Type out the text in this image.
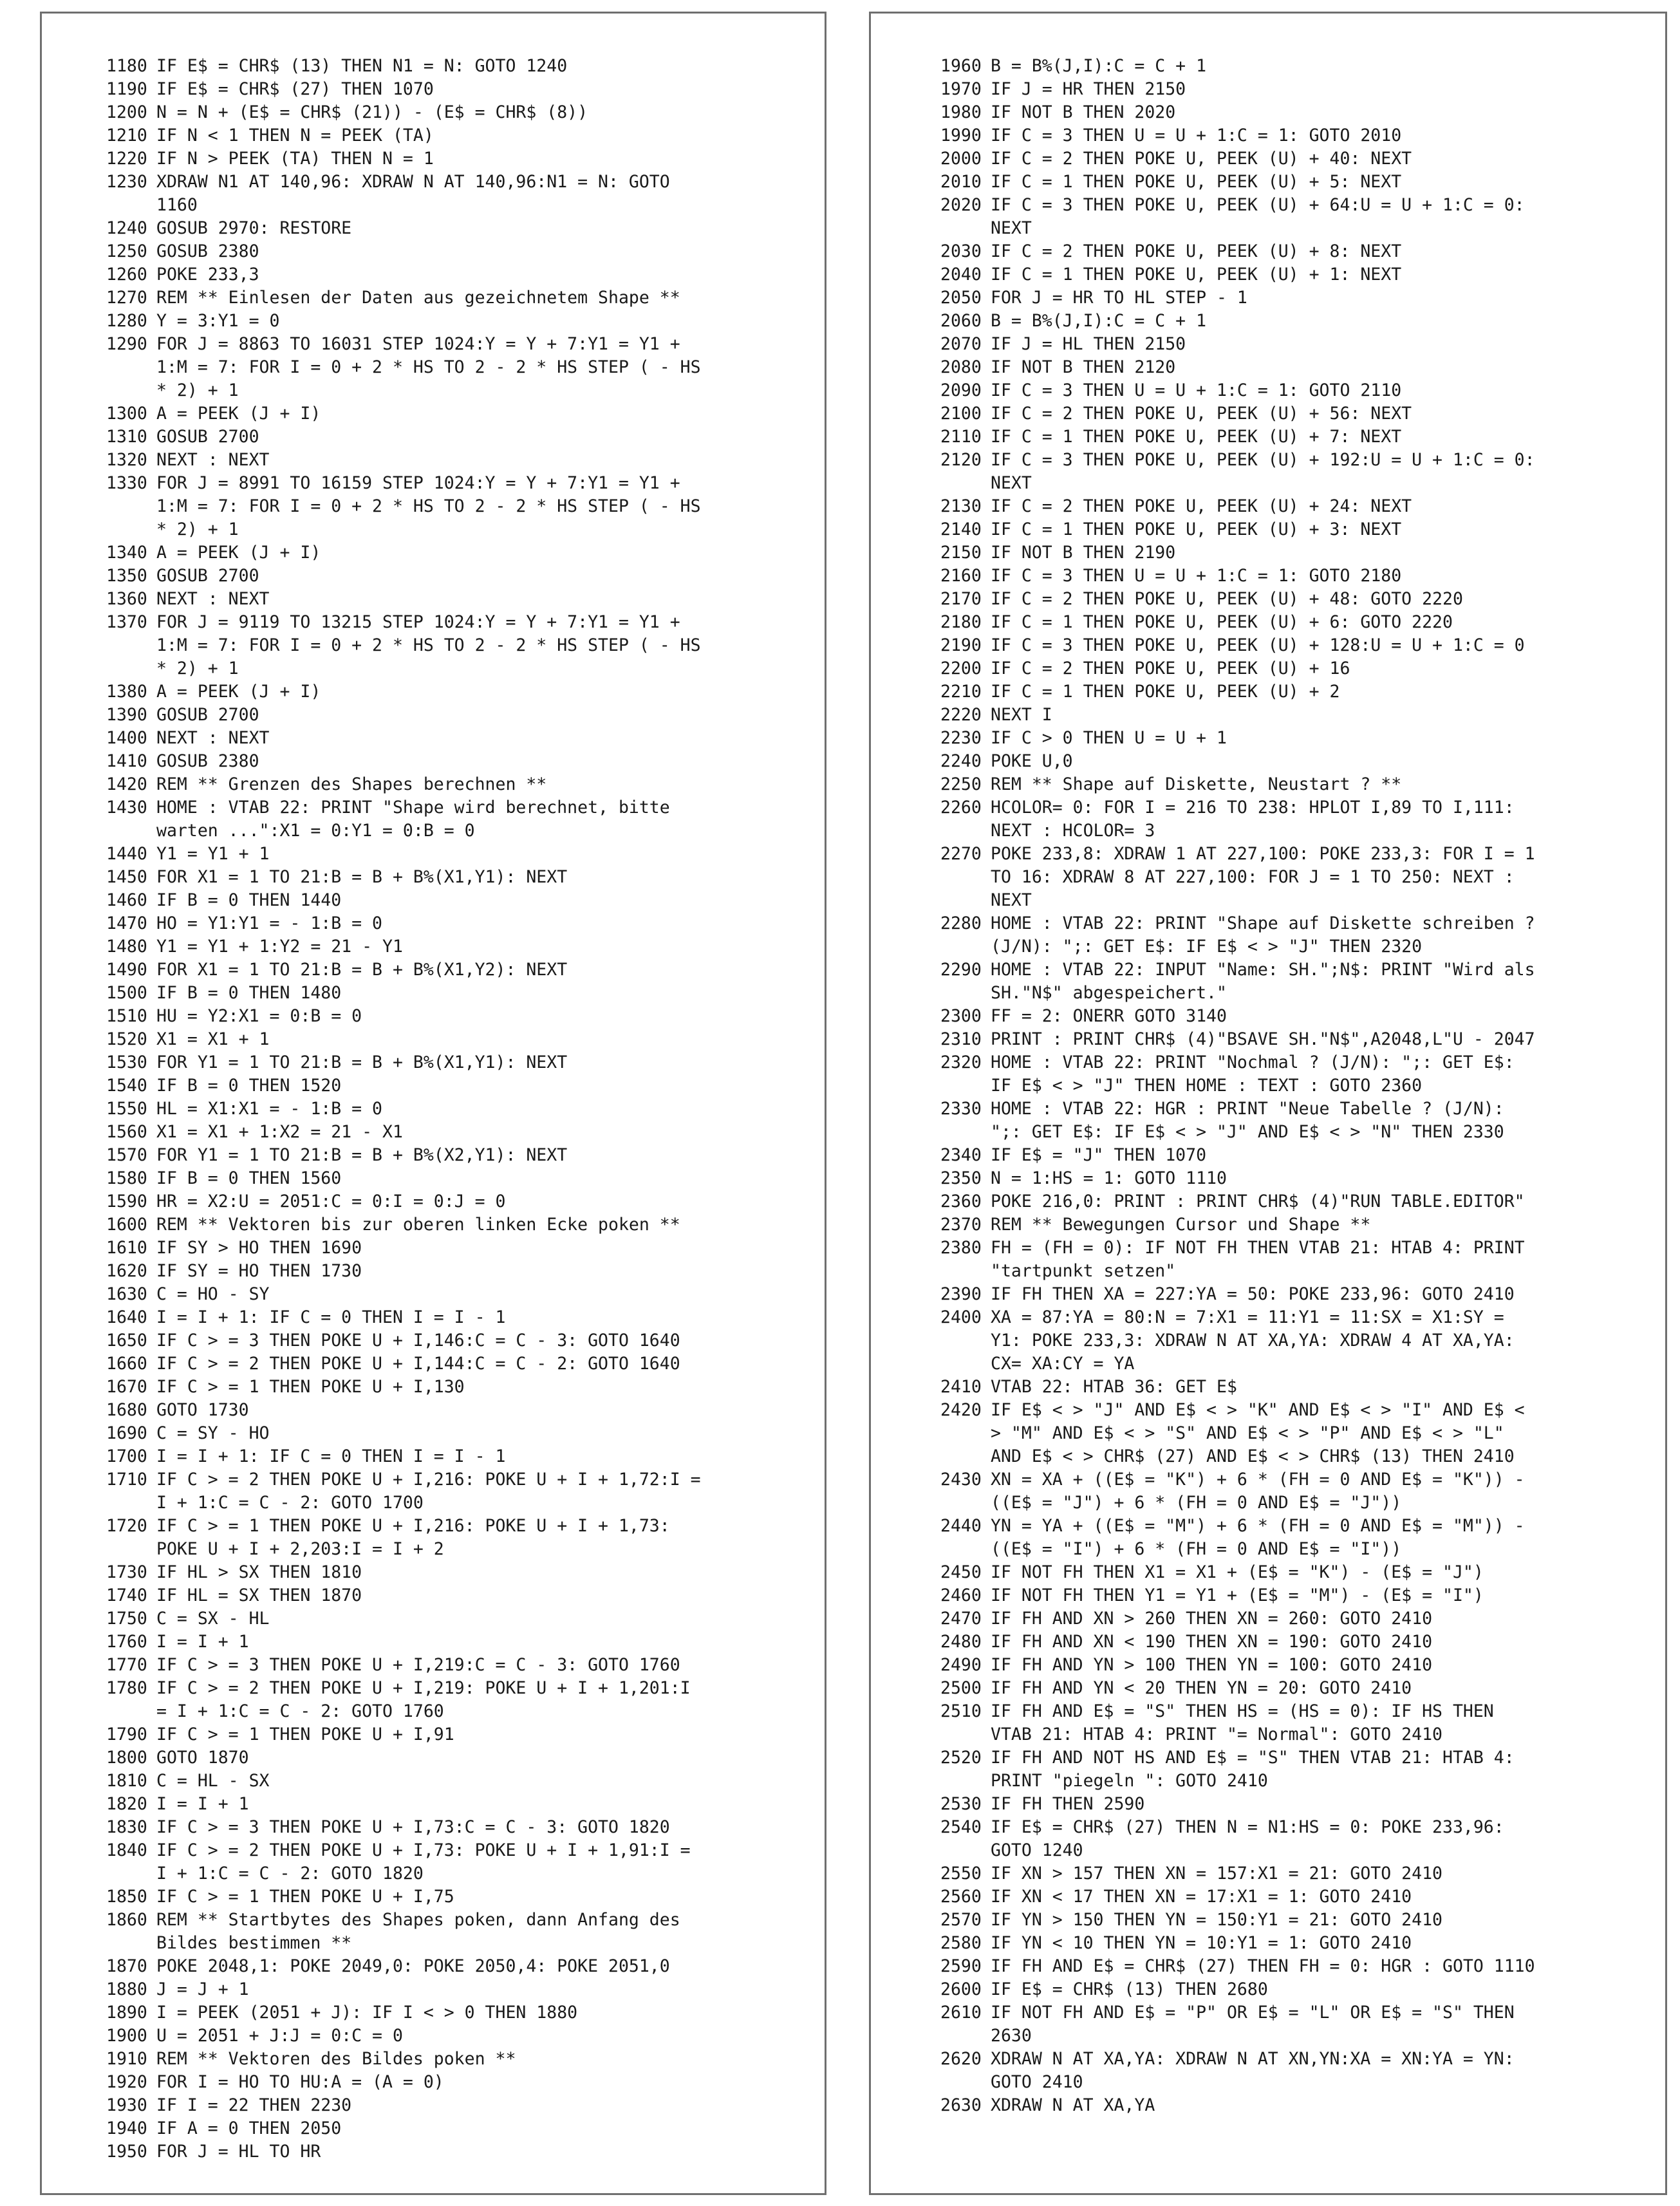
1180 IF E$ = CHR$ (13) THEN N1 = N: GOTO 1240
1190 IF E$ = CHR$ (27) THEN 1070
1200 N = N + (E$ = CHR$ (21)) - (E$ = CHR$ (8))
1210 IF N < 1 THEN N = PEEK (TA)
1220 IF N > PEEK (TA) THEN N = 1
1230 XDRAW N1 AT 140,96: XDRAW N AT 140,96:N1 = N: GOTO
1160
1240 GOSUB 2970: RESTORE
1250 GOSUB 2380
1260 POKE 233,3
1270 REM ** Einlesen der Daten aus gezeichnetem Shape **
1280 Y = 3:Y1 = 0
1290 FOR J = 8863 TO 16031 STEP 1024:Y = Y + 7:Y1 = Y1 +
1:M = 7: FOR I = 0 + 2 * HS TO 2 - 2 * HS STEP ( - HS
* 2) + 1
1300 A = PEEK (J + I)
1310 GOSUB 2700
1320 NEXT : NEXT
1330 FOR J = 8991 TO 16159 STEP 1024:Y = Y + 7:Y1 = Y1 +
1:M = 7: FOR I = 0 + 2 * HS TO 2 - 2 * HS STEP ( - HS
* 2) + 1
1340 A = PEEK (J + I)
1350 GOSUB 2700
1360 NEXT : NEXT
1370 FOR J = 9119 TO 13215 STEP 1024:Y = Y + 7:Y1 = Y1 +
1:M = 7: FOR I = 0 + 2 * HS TO 2 - 2 * HS STEP ( - HS
* 2) + 1
1380 A = PEEK (J + I)
1390 GOSUB 2700
1400 NEXT : NEXT
1410 GOSUB 2380
1420 REM ** Grenzen des Shapes berechnen **
1430 HOME : VTAB 22: PRINT "Shape wird berechnet, bitte
warten ...":X1 = 0:Y1 = 0:B = 0
1440 Y1 = Y1 + 1
1450 FOR X1 = 1 TO 21:B = B + B%(X1,Y1): NEXT
1460 IF B = 0 THEN 1440
1470 HO = Y1:Y1 = - 1:B = 0
1480 Y1 = Y1 + 1:Y2 = 21 - Y1
1490 FOR X1 = 1 TO 21:B = B + B%(X1,Y2): NEXT
1500 IF B = 0 THEN 1480
1510 HU = Y2:X1 = 0:B = 0
1520 X1 = X1 + 1
1530 FOR Y1 = 1 TO 21:B = B + B%(X1,Y1): NEXT
1540 IF B = 0 THEN 1520
1550 HL = X1:X1 = - 1:B = 0
1560 X1 = X1 + 1:X2 = 21 - X1
1570 FOR Y1 = 1 TO 21:B = B + B%(X2,Y1): NEXT
1580 IF B = 0 THEN 1560
1590 HR = X2:U = 2051:C = 0:I = 0:J = 0
1600 REM ** Vektoren bis zur oberen linken Ecke poken **
1610 IF SY > HO THEN 1690
1620 IF SY = HO THEN 1730
1630 C = HO - SY
1640 I = I + 1: IF C = 0 THEN I = I - 1
1650 IF C > = 3 THEN POKE U + I,146:C = C - 3: GOTO 1640
1660 IF C > = 2 THEN POKE U + I,144:C = C - 2: GOTO 1640
1670 IF C > = 1 THEN POKE U + I,130
1680 GOTO 1730
1690 C = SY - HO
1700 I = I + 1: IF C = 0 THEN I = I - 1
1710 IF C > = 2 THEN POKE U + I,216: POKE U + I + 1,72:I =
I + 1:C = C - 2: GOTO 1700
1720 IF C > = 1 THEN POKE U + I,216: POKE U + I + 1,73:
POKE U + I + 2,203:I = I + 2
1730 IF HL > SX THEN 1810
1740 IF HL = SX THEN 1870
1750 C = SX - HL
1760 I = I + 1
1770 IF C > = 3 THEN POKE U + I,219:C = C - 3: GOTO 1760
1780 IF C > = 2 THEN POKE U + I,219: POKE U + I + 1,201:I
= I + 1:C = C - 2: GOTO 1760
1790 IF C > = 1 THEN POKE U + I,91
1800 GOTO 1870
1810 C = HL - SX
1820 I = I + 1
1830 IF C > = 3 THEN POKE U + I,73:C = C - 3: GOTO 1820
1840 IF C > = 2 THEN POKE U + I,73: POKE U + I + 1,91:I =
I + 1:C = C - 2: GOTO 1820
1850 IF C > = 1 THEN POKE U + I,75
1860 REM ** Startbytes des Shapes poken, dann Anfang des
Bildes bestimmen **
1870 POKE 2048,1: POKE 2049,0: POKE 2050,4: POKE 2051,0
1880 J = J + 1
1890 I = PEEK (2051 + J): IF I < > 0 THEN 1880
1900 U = 2051 + J:J = 0:C = 0
1910 REM ** Vektoren des Bildes poken **
1920 FOR I = HO TO HU:A = (A = 0)
1930 IF I = 22 THEN 2230
1940 IF A = 0 THEN 2050
1950 FOR J = HL TO HR
1960 B = B%(J,I):C = C + 1
1970 IF J = HR THEN 2150
1980 IF NOT B THEN 2020
1990 IF C = 3 THEN U = U + 1:C = 1: GOTO 2010
2000 IF C = 2 THEN POKE U, PEEK (U) + 40: NEXT
2010 IF C = 1 THEN POKE U, PEEK (U) + 5: NEXT
2020 IF C = 3 THEN POKE U, PEEK (U) + 64:U = U + 1:C = 0:
NEXT
2030 IF C = 2 THEN POKE U, PEEK (U) + 8: NEXT
2040 IF C = 1 THEN POKE U, PEEK (U) + 1: NEXT
2050 FOR J = HR TO HL STEP - 1
2060 B = B%(J,I):C = C + 1
2070 IF J = HL THEN 2150
2080 IF NOT B THEN 2120
2090 IF C = 3 THEN U = U + 1:C = 1: GOTO 2110
2100 IF C = 2 THEN POKE U, PEEK (U) + 56: NEXT
2110 IF C = 1 THEN POKE U, PEEK (U) + 7: NEXT
2120 IF C = 3 THEN POKE U, PEEK (U) + 192:U = U + 1:C = 0:
NEXT
2130 IF C = 2 THEN POKE U, PEEK (U) + 24: NEXT
2140 IF C = 1 THEN POKE U, PEEK (U) + 3: NEXT
2150 IF NOT B THEN 2190
2160 IF C = 3 THEN U = U + 1:C = 1: GOTO 2180
2170 IF C = 2 THEN POKE U, PEEK (U) + 48: GOTO 2220
2180 IF C = 1 THEN POKE U, PEEK (U) + 6: GOTO 2220
2190 IF C = 3 THEN POKE U, PEEK (U) + 128:U = U + 1:C = 0
2200 IF C = 2 THEN POKE U, PEEK (U) + 16
2210 IF C = 1 THEN POKE U, PEEK (U) + 2
2220 NEXT I
2230 IF C > 0 THEN U = U + 1
2240 POKE U,0
2250 REM ** Shape auf Diskette, Neustart ? **
2260 HCOLOR= 0: FOR I = 216 TO 238: HPLOT I,89 TO I,111:
NEXT : HCOLOR= 3
2270 POKE 233,8: XDRAW 1 AT 227,100: POKE 233,3: FOR I = 1
TO 16: XDRAW 8 AT 227,100: FOR J = 1 TO 250: NEXT :
NEXT
2280 HOME : VTAB 22: PRINT "Shape auf Diskette schreiben ?
(J/N): ";: GET E$: IF E$ < > "J" THEN 2320
2290 HOME : VTAB 22: INPUT "Name: SH.";N$: PRINT "Wird als
SH."N$" abgespeichert."
2300 FF = 2: ONERR GOTO 3140
2310 PRINT : PRINT CHR$ (4)"BSAVE SH."N$",A2048,L"U - 2047
2320 HOME : VTAB 22: PRINT "Nochmal ? (J/N): ";: GET E$:
IF E$ < > "J" THEN HOME : TEXT : GOTO 2360
2330 HOME : VTAB 22: HGR : PRINT "Neue Tabelle ? (J/N):
";: GET E$: IF E$ < > "J" AND E$ < > "N" THEN 2330
2340 IF E$ = "J" THEN 1070
2350 N = 1:HS = 1: GOTO 1110
2360 POKE 216,0: PRINT : PRINT CHR$ (4)"RUN TABLE.EDITOR"
2370 REM ** Bewegungen Cursor und Shape **
2380 FH = (FH = 0): IF NOT FH THEN VTAB 21: HTAB 4: PRINT
"tartpunkt setzen"
2390 IF FH THEN XA = 227:YA = 50: POKE 233,96: GOTO 2410
2400 XA = 87:YA = 80:N = 7:X1 = 11:Y1 = 11:SX = X1:SY =
Y1: POKE 233,3: XDRAW N AT XA,YA: XDRAW 4 AT XA,YA:
CX= XA:CY = YA
2410 VTAB 22: HTAB 36: GET E$
2420 IF E$ < > "J" AND E$ < > "K" AND E$ < > "I" AND E$ <
> "M" AND E$ < > "S" AND E$ < > "P" AND E$ < > "L"
AND E$ < > CHR$ (27) AND E$ < > CHR$ (13) THEN 2410
2430 XN = XA + ((E$ = "K") + 6 * (FH = 0 AND E$ = "K")) -
((E$ = "J") + 6 * (FH = 0 AND E$ = "J"))
2440 YN = YA + ((E$ = "M") + 6 * (FH = 0 AND E$ = "M")) -
((E$ = "I") + 6 * (FH = 0 AND E$ = "I"))
2450 IF NOT FH THEN X1 = X1 + (E$ = "K") - (E$ = "J")
2460 IF NOT FH THEN Y1 = Y1 + (E$ = "M") - (E$ = "I")
2470 IF FH AND XN > 260 THEN XN = 260: GOTO 2410
2480 IF FH AND XN < 190 THEN XN = 190: GOTO 2410
2490 IF FH AND YN > 100 THEN YN = 100: GOTO 2410
2500 IF FH AND YN < 20 THEN YN = 20: GOTO 2410
2510 IF FH AND E$ = "S" THEN HS = (HS = 0): IF HS THEN
VTAB 21: HTAB 4: PRINT "= Normal": GOTO 2410
2520 IF FH AND NOT HS AND E$ = "S" THEN VTAB 21: HTAB 4:
PRINT "piegeln ": GOTO 2410
2530 IF FH THEN 2590
2540 IF E$ = CHR$ (27) THEN N = N1:HS = 0: POKE 233,96:
GOTO 1240
2550 IF XN > 157 THEN XN = 157:X1 = 21: GOTO 2410
2560 IF XN < 17 THEN XN = 17:X1 = 1: GOTO 2410
2570 IF YN > 150 THEN YN = 150:Y1 = 21: GOTO 2410
2580 IF YN < 10 THEN YN = 10:Y1 = 1: GOTO 2410
2590 IF FH AND E$ = CHR$ (27) THEN FH = 0: HGR : GOTO 1110
2600 IF E$ = CHR$ (13) THEN 2680
2610 IF NOT FH AND E$ = "P" OR E$ = "L" OR E$ = "S" THEN
2630
2620 XDRAW N AT XA,YA: XDRAW N AT XN,YN:XA = XN:YA = YN:
GOTO 2410
2630 XDRAW N AT XA,YA
